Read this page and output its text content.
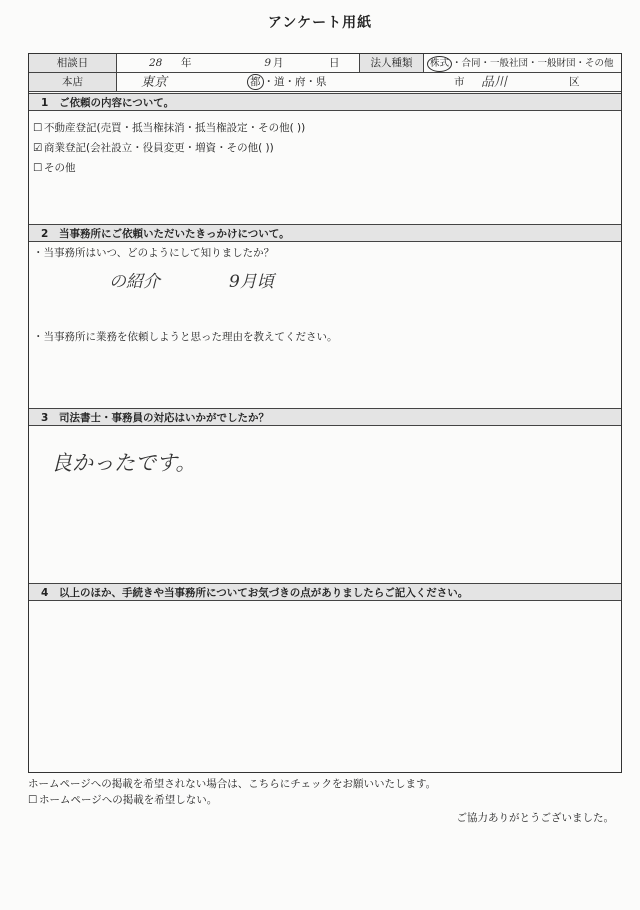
アンケート用紙
相談日	28	年	9 月	日	法人種類	株式 ・合同・一般社団・一般財団・その他
本店	東京	都 ・道・府・県	市	品川	区
1 ご依頼の内容について。
☐ 不動産登記(売買・抵当権抹消・抵当権設定・その他( ))
☑ 商業登記(会社設立・役員変更・増資・その他( ))
☐ その他
2 当事務所にご依頼いただいたきっかけについて。
・当事務所はいつ、どのようにして知りましたか？
の紹介	9月頃
・当事務所に業務を依頼しようと思った理由を教えてください。
3 司法書士・事務員の対応はいかがでしたか？
良かったです。
4 以上のほか、手続きや当事務所についてお気づきの点がありましたらご記入ください。
ホームページへの掲載を希望されない場合は、こちらにチェックをお願いいたします。
☐ ホームページへの掲載を希望しない。
ご協力ありがとうございました。
